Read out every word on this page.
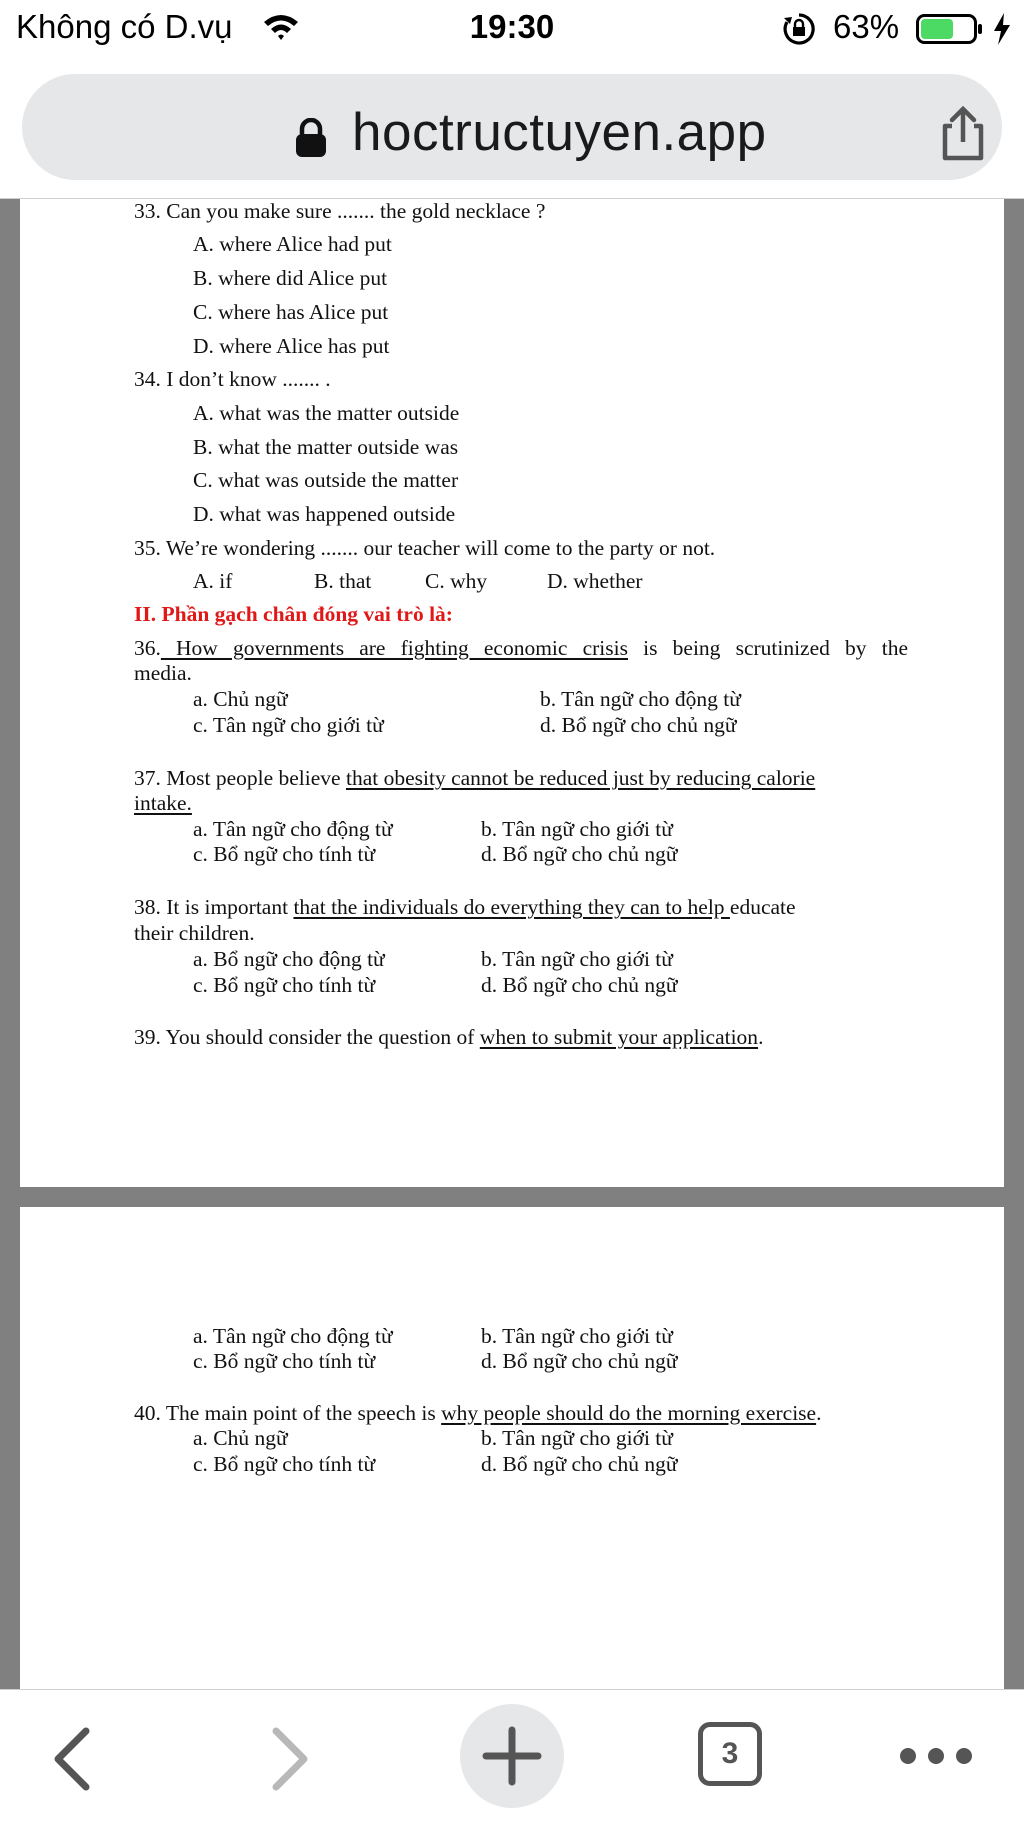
Không có D.vụ	19:30	63%
hoctructuyen.app
33. Can you make sure ....... the gold necklace ?
A. where Alice had put
B. where did Alice put
C. where has Alice put
D. where Alice has put
34. I don’t know ....... .
A. what was the matter outside
B. what the matter outside was
C. what was outside the matter
D. what was happened outside
35. We’re wondering ....... our teacher will come to the party or not.
A. if	B. that C. why	D. whether
II. Phần gạch chân đóng vai trò là:
36. How governments are fighting economic crisis is being scrutinized by the
media.
a. Chủ ngữ	b. Tân ngữ cho động từ
c. Tân ngữ cho giới từ	d. Bổ ngữ cho chủ ngữ
37. Most people believe that obesity cannot be reduced just by reducing calorie
intake.
a. Tân ngữ cho động từ	b. Tân ngữ cho giới từ
c. Bổ ngữ cho tính từ	d. Bổ ngữ cho chủ ngữ
38. It is important that the individuals do everything they can to help educate
their children.
a. Bổ ngữ cho động từ	b. Tân ngữ cho giới từ
c. Bổ ngữ cho tính từ	d. Bổ ngữ cho chủ ngữ
39. You should consider the question of when to submit your application.
a. Tân ngữ cho động từ	b. Tân ngữ cho giới từ
c. Bổ ngữ cho tính từ	d. Bổ ngữ cho chủ ngữ
40. The main point of the speech is why people should do the morning exercise.
a. Chủ ngữ	b. Tân ngữ cho giới từ
c. Bổ ngữ cho tính từ	d. Bổ ngữ cho chủ ngữ
3
